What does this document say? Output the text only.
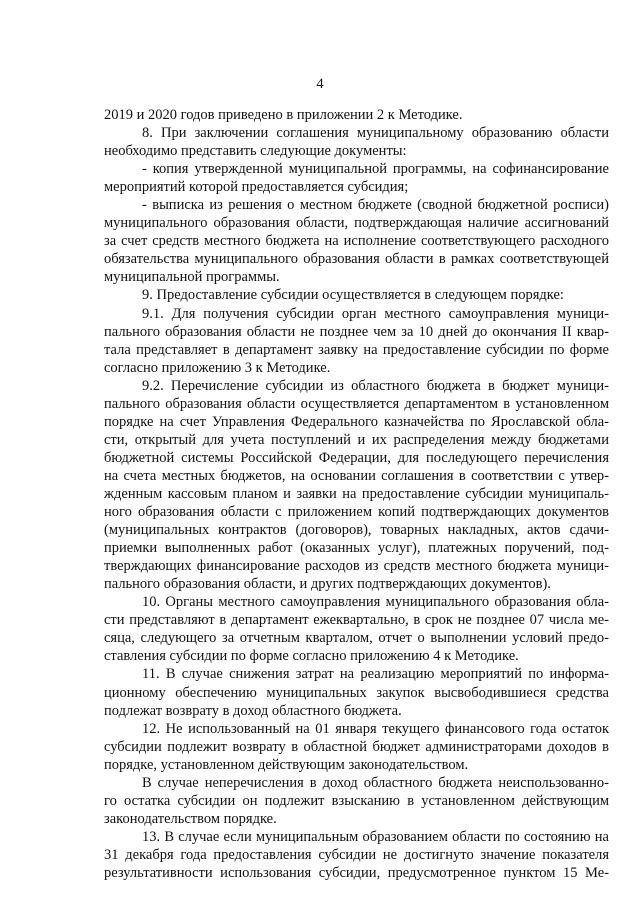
4
2019 и 2020 годов приведено в приложении 2 к Методике.
8. При заключении соглашения муниципальному образованию области
необходимо представить следующие документы:
- копия утвержденной муниципальной программы, на софинансирование
мероприятий которой предоставляется субсидия;
- выписка из решения о местном бюджете (сводной бюджетной росписи)
муниципального образования области, подтверждающая наличие ассигнований
за счет средств местного бюджета на исполнение соответствующего расходного
обязательства муниципального образования области в рамках соответствующей
муниципальной программы.
9. Предоставление субсидии осуществляется в следующем порядке:
9.1. Для получения субсидии орган местного самоуправления муници-
пального образования области не позднее чем за 10 дней до окончания II квар-
тала представляет в департамент заявку на предоставление субсидии по форме
согласно приложению 3 к Методике.
9.2. Перечисление субсидии из областного бюджета в бюджет муници-
пального образования области осуществляется департаментом в установленном
порядке на счет Управления Федерального казначейства по Ярославской обла-
сти, открытый для учета поступлений и их распределения между бюджетами
бюджетной системы Российской Федерации, для последующего перечисления
на счета местных бюджетов, на основании соглашения в соответствии с утвер-
жденным кассовым планом и заявки на предоставление субсидии муниципаль-
ного образования области с приложением копий подтверждающих документов
(муниципальных контрактов (договоров), товарных накладных, актов сдачи-
приемки выполненных работ (оказанных услуг), платежных поручений, под-
тверждающих финансирование расходов из средств местного бюджета муници-
пального образования области, и других подтверждающих документов).
10. Органы местного самоуправления муниципального образования обла-
сти представляют в департамент ежеквартально, в срок не позднее 07 числа ме-
сяца, следующего за отчетным кварталом, отчет о выполнении условий предо-
ставления субсидии по форме согласно приложению 4 к Методике.
11. В случае снижения затрат на реализацию мероприятий по информа-
ционному обеспечению муниципальных закупок высвободившиеся средства
подлежат возврату в доход областного бюджета.
12. Не использованный на 01 января текущего финансового года остаток
субсидии подлежит возврату в областной бюджет администраторами доходов в
порядке, установленном действующим законодательством.
В случае неперечисления в доход областного бюджета неиспользованно-
го остатка субсидии он подлежит взысканию в установленном действующим
законодательством порядке.
13. В случае если муниципальным образованием области по состоянию на
31 декабря года предоставления субсидии не достигнуто значение показателя
результативности использования субсидии, предусмотренное пунктом 15 Ме-
